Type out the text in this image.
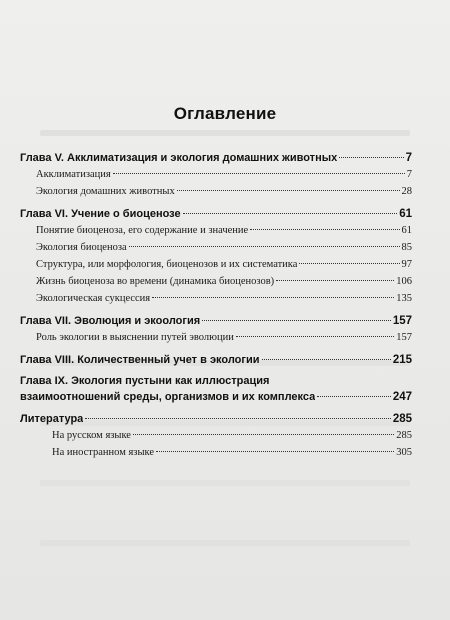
Оглавление
Глава V. Акклиматизация и экология домашних животных	7
Акклиматизация	7
Экология домашних животных	28
Глава VI. Учение о биоценозе	61
Понятие биоценоза, его содержание и значение	61
Экология биоценоза	85
Структура, или морфология, биоценозов и их систематика	97
Жизнь биоценоза во времени (динамика биоценозов)	106
Экологическая сукцессия	135
Глава VII. Эволюция и экоология	157
Роль экологии в выяснении путей эволюции	157
Глава VIII. Количественный учет в экологии	215
Глава IX. Экология пустыни как иллюстрация
взаимоотношений среды, организмов и их комплекса	247
Литература	285
На русском языке	285
На иностранном языке	305
